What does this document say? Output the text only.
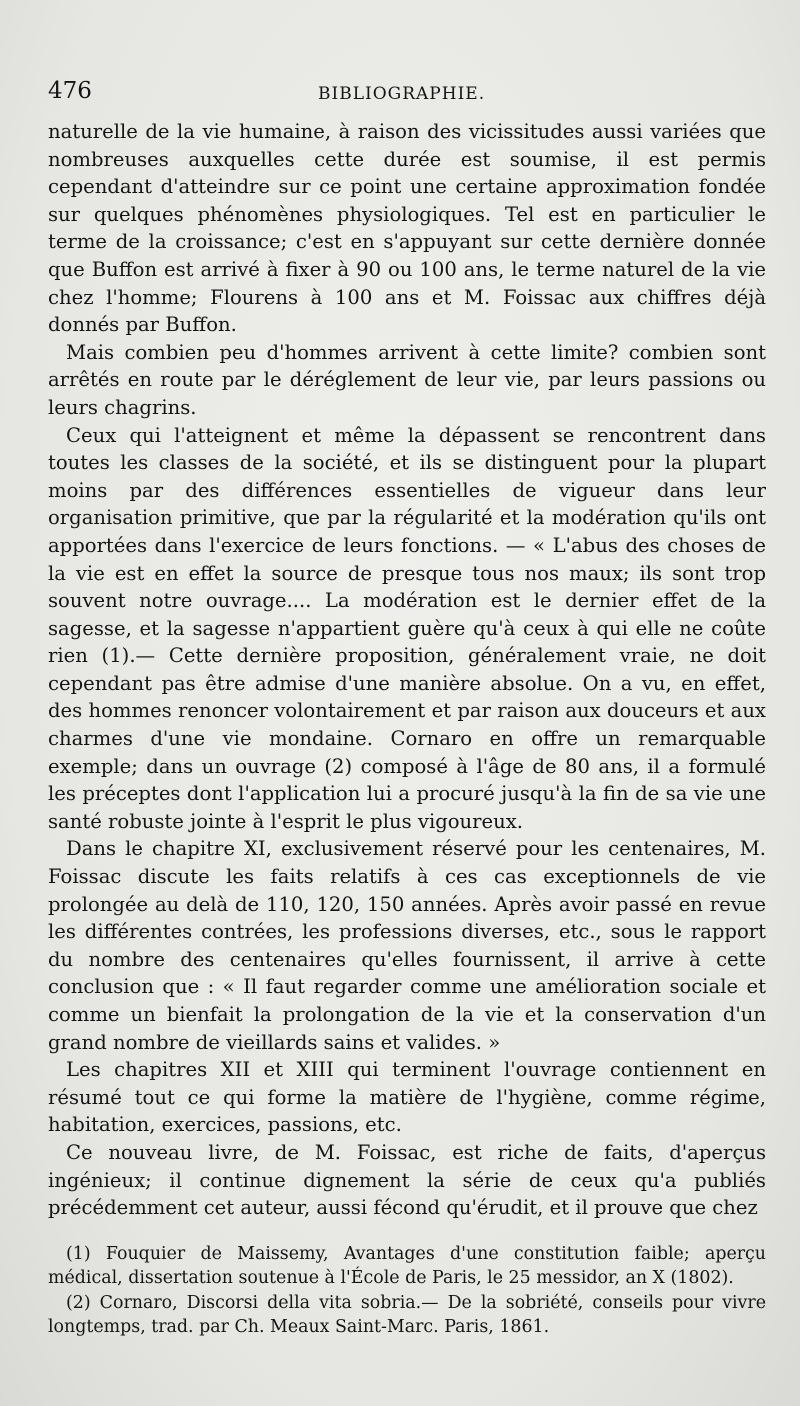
476	BIBLIOGRAPHIE.

naturelle de la vie humaine, à raison des vicissitudes aussi variées que nombreuses auxquelles cette durée est soumise, il est permis cependant d'atteindre sur ce point une certaine approximation fondée sur quelques phénomènes physiologiques. Tel est en particulier le terme de la croissance; c'est en s'appuyant sur cette dernière donnée que Buffon est arrivé à fixer à 90 ou 100 ans, le terme naturel de la vie chez l'homme; Flourens à 100 ans et M. Foissac aux chiffres déjà donnés par Buffon.

Mais combien peu d'hommes arrivent à cette limite? combien sont arrêtés en route par le déréglement de leur vie, par leurs passions ou leurs chagrins.

Ceux qui l'atteignent et même la dépassent se rencontrent dans toutes les classes de la société, et ils se distinguent pour la plupart moins par des différences essentielles de vigueur dans leur organisation primitive, que par la régularité et la modération qu'ils ont apportées dans l'exercice de leurs fonctions. — « L'abus des choses de la vie est en effet la source de presque tous nos maux; ils sont trop souvent notre ouvrage.... La modération est le dernier effet de la sagesse, et la sagesse n'appartient guère qu'à ceux à qui elle ne coûte rien (1).— Cette dernière proposition, généralement vraie, ne doit cependant pas être admise d'une manière absolue. On a vu, en effet, des hommes renoncer volontairement et par raison aux douceurs et aux charmes d'une vie mondaine. Cornaro en offre un remarquable exemple; dans un ouvrage (2) composé à l'âge de 80 ans, il a formulé les préceptes dont l'application lui a procuré jusqu'à la fin de sa vie une santé robuste jointe à l'esprit le plus vigoureux.

Dans le chapitre XI, exclusivement réservé pour les centenaires, M. Foissac discute les faits relatifs à ces cas exceptionnels de vie prolongée au delà de 110, 120, 150 années. Après avoir passé en revue les différentes contrées, les professions diverses, etc., sous le rapport du nombre des centenaires qu'elles fournissent, il arrive à cette conclusion que : « Il faut regarder comme une amélioration sociale et comme un bienfait la prolongation de la vie et la conservation d'un grand nombre de vieillards sains et valides. »

Les chapitres XII et XIII qui terminent l'ouvrage contiennent en résumé tout ce qui forme la matière de l'hygiène, comme régime, habitation, exercices, passions, etc.

Ce nouveau livre, de M. Foissac, est riche de faits, d'aperçus ingénieux; il continue dignement la série de ceux qu'a publiés précédemment cet auteur, aussi fécond qu'érudit, et il prouve que chez

(1) Fouquier de Maissemy, Avantages d'une constitution faible; aperçu médical, dissertation soutenue à l'École de Paris, le 25 messidor, an X (1802).

(2) Cornaro, Discorsi della vita sobria.— De la sobriété, conseils pour vivre longtemps, trad. par Ch. Meaux Saint-Marc. Paris, 1861.
